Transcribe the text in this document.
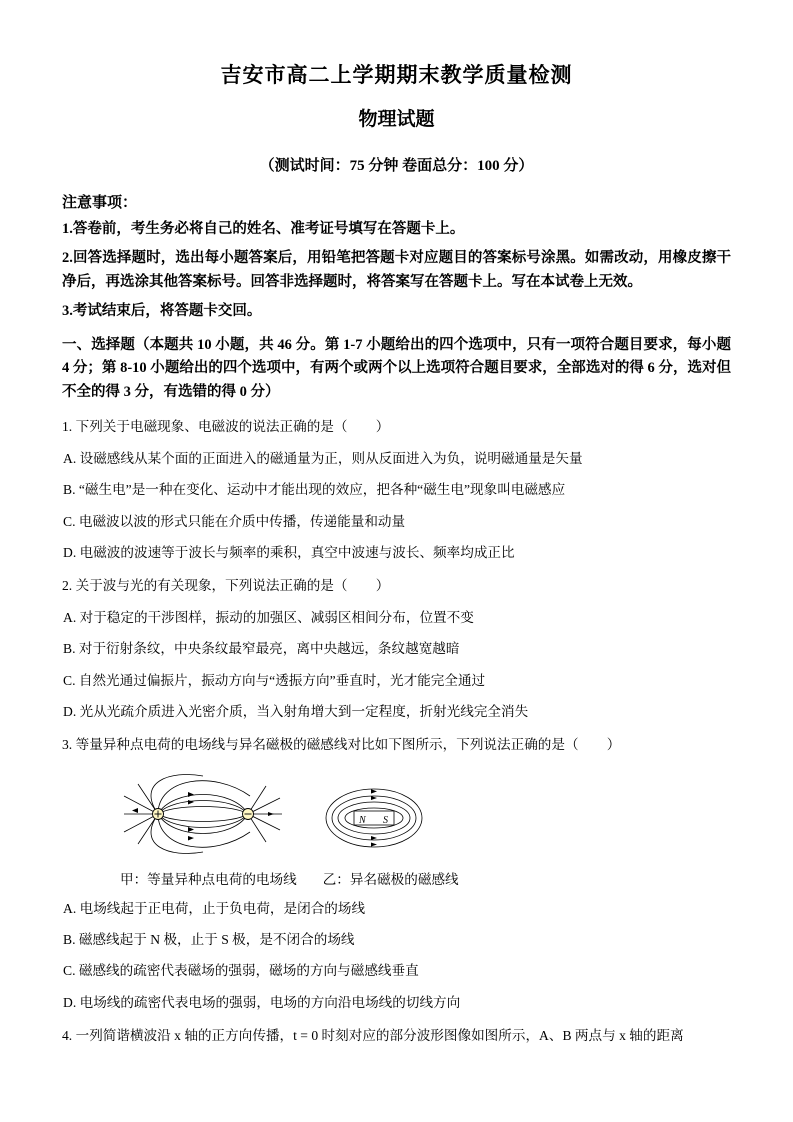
吉安市高二上学期期末教学质量检测
物理试题
（测试时间：75 分钟 卷面总分：100 分）
注意事项：
1.答卷前，考生务必将自己的姓名、准考证号填写在答题卡上。
2.回答选择题时，选出每小题答案后，用铅笔把答题卡对应题目的答案标号涂黑。如需改动，用橡皮擦干净后，再选涂其他答案标号。回答非选择题时，将答案写在答题卡上。写在本试卷上无效。
3.考试结束后，将答题卡交回。
一、选择题（本题共 10 小题，共 46 分。第 1-7 小题给出的四个选项中，只有一项符合题目要求，每小题 4 分；第 8-10 小题给出的四个选项中，有两个或两个以上选项符合题目要求，全部选对的得 6 分，选对但不全的得 3 分，有选错的得 0 分）
1. 下列关于电磁现象、电磁波的说法正确的是（ ）
A. 设磁感线从某个面的正面进入的磁通量为正，则从反面进入为负，说明磁通量是矢量
B. “磁生电”是一种在变化、运动中才能出现的效应，把各种“磁生电”现象叫电磁感应
C. 电磁波以波的形式只能在介质中传播，传递能量和动量
D. 电磁波的波速等于波长与频率的乘积，真空中波速与波长、频率均成正比
2. 关于波与光的有关现象，下列说法正确的是（ ）
A. 对于稳定的干涉图样，振动的加强区、减弱区相间分布，位置不变
B. 对于衍射条纹，中央条纹最窄最亮，离中央越远，条纹越宽越暗
C. 自然光通过偏振片，振动方向与“透振方向”垂直时，光才能完全通过
D. 光从光疏介质进入光密介质，当入射角增大到一定程度，折射光线完全消失
3. 等量异种点电荷的电场线与异名磁极的磁感线对比如下图所示，下列说法正确的是（ ）
N S
甲：等量异种点电荷的电场线 乙：异名磁极的磁感线
A. 电场线起于正电荷，止于负电荷，是闭合的场线
B. 磁感线起于 N 极，止于 S 极，是不闭合的场线
C. 磁感线的疏密代表磁场的强弱，磁场的方向与磁感线垂直
D. 电场线的疏密代表电场的强弱，电场的方向沿电场线的切线方向
4. 一列简谐横波沿 x 轴的正方向传播，t = 0 时刻对应的部分波形图像如图所示，A、B 两点与 x 轴的距离
